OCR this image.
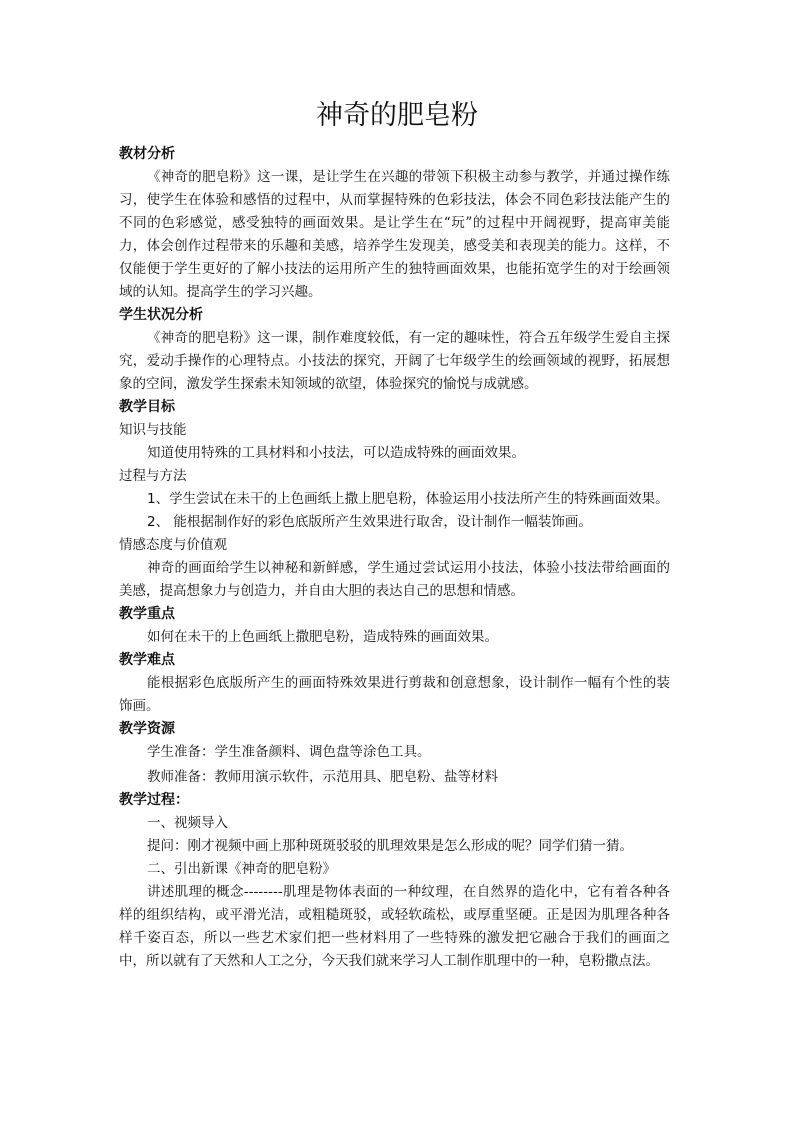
神奇的肥皂粉

教材分析

《神奇的肥皂粉》这一课，是让学生在兴趣的带领下积极主动参与教学，并通过操作练习，使学生在体验和感悟的过程中，从而掌握特殊的色彩技法，体会不同色彩技法能产生的不同的色彩感觉，感受独特的画面效果。是让学生在“玩”的过程中开阔视野，提高审美能力，体会创作过程带来的乐趣和美感，培养学生发现美，感受美和表现美的能力。这样，不仅能便于学生更好的了解小技法的运用所产生的独特画面效果，也能拓宽学生的对于绘画领域的认知。提高学生的学习兴趣。

学生状况分析

《神奇的肥皂粉》这一课，制作难度较低，有一定的趣味性，符合五年级学生爱自主探究，爱动手操作的心理特点。小技法的探究，开阔了七年级学生的绘画领域的视野，拓展想象的空间，激发学生探索未知领域的欲望，体验探究的愉悦与成就感。

教学目标

知识与技能

知道使用特殊的工具材料和小技法，可以造成特殊的画面效果。

过程与方法

1、学生尝试在未干的上色画纸上撒上肥皂粉，体验运用小技法所产生的特殊画面效果。

2、 能根据制作好的彩色底版所产生效果进行取舍，设计制作一幅装饰画。

情感态度与价值观

神奇的画面给学生以神秘和新鲜感，学生通过尝试运用小技法，体验小技法带给画面的美感，提高想象力与创造力，并自由大胆的表达自己的思想和情感。

教学重点

如何在未干的上色画纸上撒肥皂粉，造成特殊的画面效果。

教学难点

能根据彩色底版所产生的画面特殊效果进行剪裁和创意想象，设计制作一幅有个性的装饰画。

教学资源

学生准备：学生准备颜料、调色盘等涂色工具。

教师准备：教师用演示软件，示范用具、肥皂粉、盐等材料

教学过程：

一、视频导入

提问：刚才视频中画上那种斑斑驳驳的肌理效果是怎么形成的呢？同学们猜一猜。

二、引出新课《神奇的肥皂粉》

讲述肌理的概念--------肌理是物体表面的一种纹理，在自然界的造化中，它有着各种各样的组织结构，或平滑光洁，或粗糙斑驳，或轻软疏松，或厚重坚硬。正是因为肌理各种各样千姿百态，所以一些艺术家们把一些材料用了一些特殊的激发把它融合于我们的画面之中，所以就有了天然和人工之分，今天我们就来学习人工制作肌理中的一种，皂粉撒点法。
